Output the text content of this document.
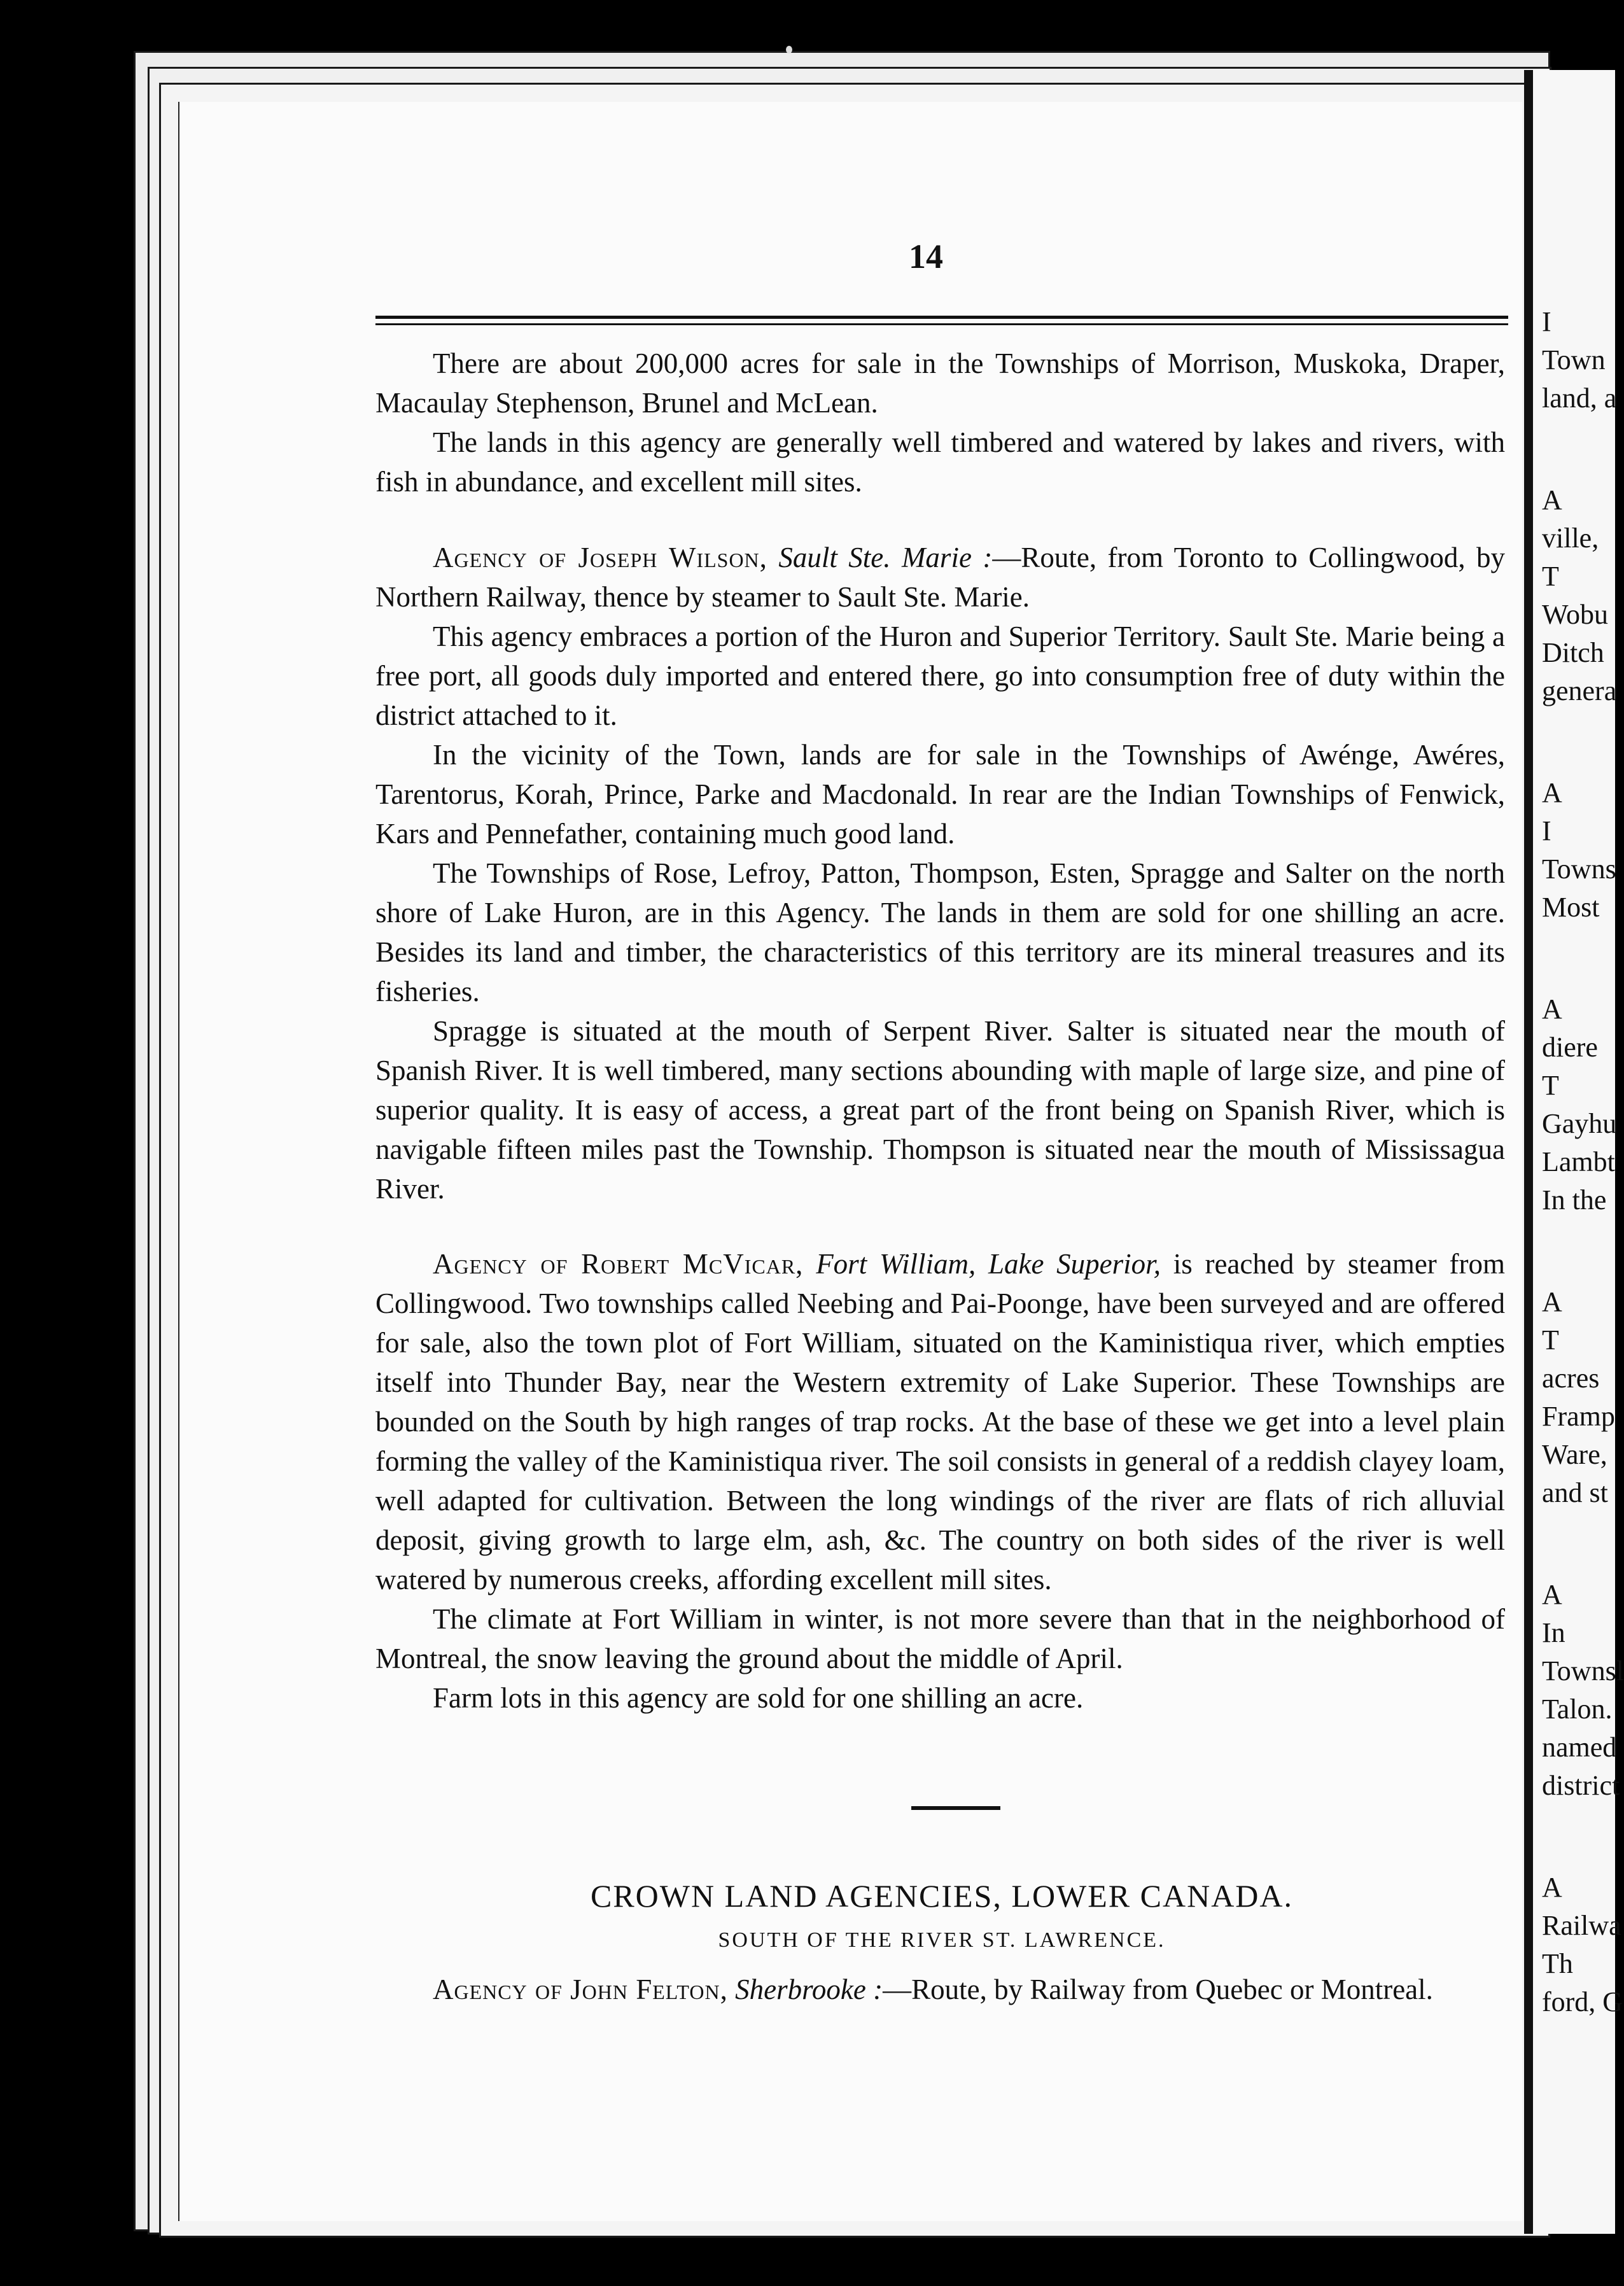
14

There are about 200,000 acres for sale in the Townships of Morrison, Muskoka, Draper, Macaulay Stephenson, Brunel and McLean.

The lands in this agency are generally well timbered and watered by lakes and rivers, with fish in abundance, and excellent mill sites.

Agency of Joseph Wilson, Sault Ste. Marie :—Route, from Toronto to Collingwood, by Northern Railway, thence by steamer to Sault Ste. Marie.

This agency embraces a portion of the Huron and Superior Territory. Sault Ste. Marie being a free port, all goods duly imported and entered there, go into consumption free of duty within the district attached to it.

In the vicinity of the Town, lands are for sale in the Townships of Awénge, Awéres, Tarentorus, Korah, Prince, Parke and Macdonald. In rear are the Indian Townships of Fenwick, Kars and Pennefather, containing much good land.

The Townships of Rose, Lefroy, Patton, Thompson, Esten, Spragge and Salter on the north shore of Lake Huron, are in this Agency. The lands in them are sold for one shilling an acre. Besides its land and timber, the characteristics of this territory are its mineral treasures and its fisheries.

Spragge is situated at the mouth of Serpent River. Salter is situated near the mouth of Spanish River. It is well timbered, many sections abounding with maple of large size, and pine of superior quality. It is easy of access, a great part of the front being on Spanish River, which is navigable fifteen miles past the Township. Thompson is situated near the mouth of Mississagua River.

Agency of Robert McVicar, Fort William, Lake Superior, is reached by steamer from Collingwood. Two townships called Neebing and Pai-Poonge, have been surveyed and are offered for sale, also the town plot of Fort William, situated on the Kaministiqua river, which empties itself into Thunder Bay, near the Western extremity of Lake Superior. These Townships are bounded on the South by high ranges of trap rocks. At the base of these we get into a level plain forming the valley of the Kaministiqua river. The soil consists in general of a reddish clayey loam, well adapted for cultivation. Between the long windings of the river are flats of rich alluvial deposit, giving growth to large elm, ash, &c. The country on both sides of the river is well watered by numerous creeks, affording excellent mill sites.

The climate at Fort William in winter, is not more severe than that in the neighborhood of Montreal, the snow leaving the ground about the middle of April.

Farm lots in this agency are sold for one shilling an acre.

CROWN LAND AGENCIES, LOWER CANADA.
SOUTH OF THE RIVER ST. LAWRENCE.

Agency of John Felton, Sherbrooke :—Route, by Railway from Quebec or Montreal.

I
Town
land, a
A
ville,
T
Wobu
Ditch
genera
A
I
Towns
Most
A
diere
T
Gayhu
Lambt
In the
A
T
acres
Framp
Ware,
and st
A
In
Townsl
Talon.
named
district
A
Railwa
Th
ford, G
